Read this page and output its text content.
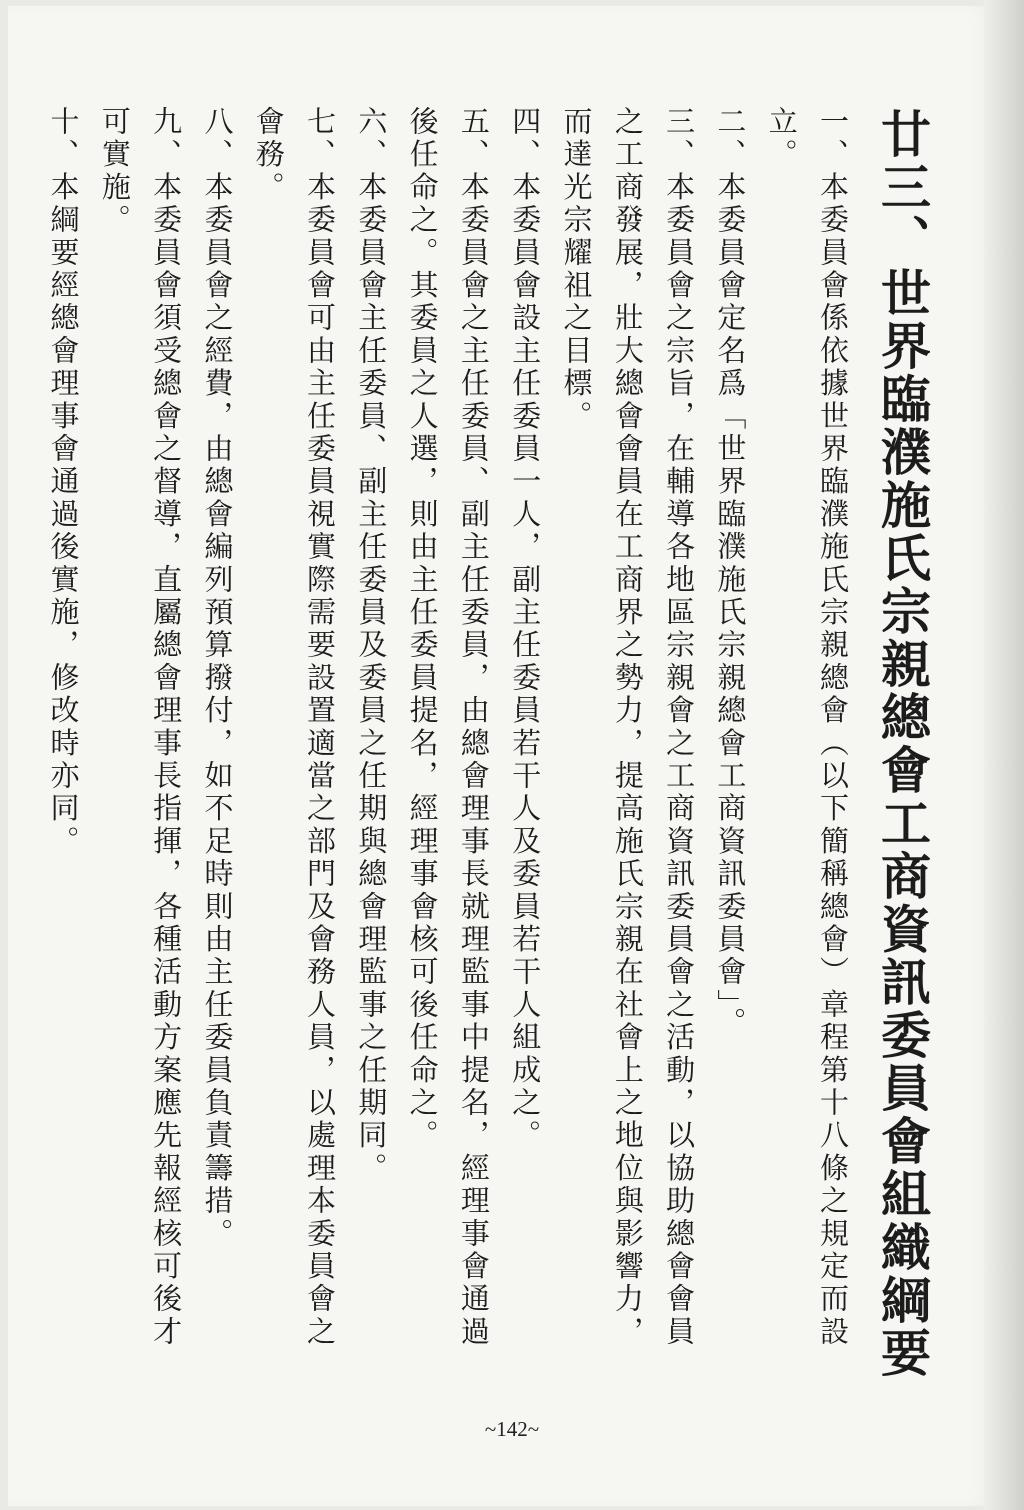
廿三、世界臨濮施氏宗親總會工商資訊委員會組織綱要
一、本委員會係依據世界臨濮施氏宗親總會（以下簡稱總會）章程第十八條之規定而設立。
二、本委員會定名爲「世界臨濮施氏宗親總會工商資訊委員會」。
三、本委員會之宗旨，在輔導各地區宗親會之工商資訊委員會之活動，以協助總會會員之工商發展，壯大總會會員在工商界之勢力，提高施氏宗親在社會上之地位與影響力，而達光宗耀祖之目標。
四、本委員會設主任委員一人，副主任委員若干人及委員若干人組成之。
五、本委員會之主任委員、副主任委員，由總會理事長就理監事中提名，經理事會通過後任命之。其委員之人選，則由主任委員提名，經理事會核可後任命之。
六、本委員會主任委員、副主任委員及委員之任期與總會理監事之任期同。
七、本委員會可由主任委員視實際需要設置適當之部門及會務人員，以處理本委員會之會務。
八、本委員會之經費，由總會編列預算撥付，如不足時則由主任委員負責籌措。
九、本委員會須受總會之督導，直屬總會理事長指揮，各種活動方案應先報經核可後才可實施。
十、本綱要經總會理事會通過後實施，修改時亦同。
~142~
